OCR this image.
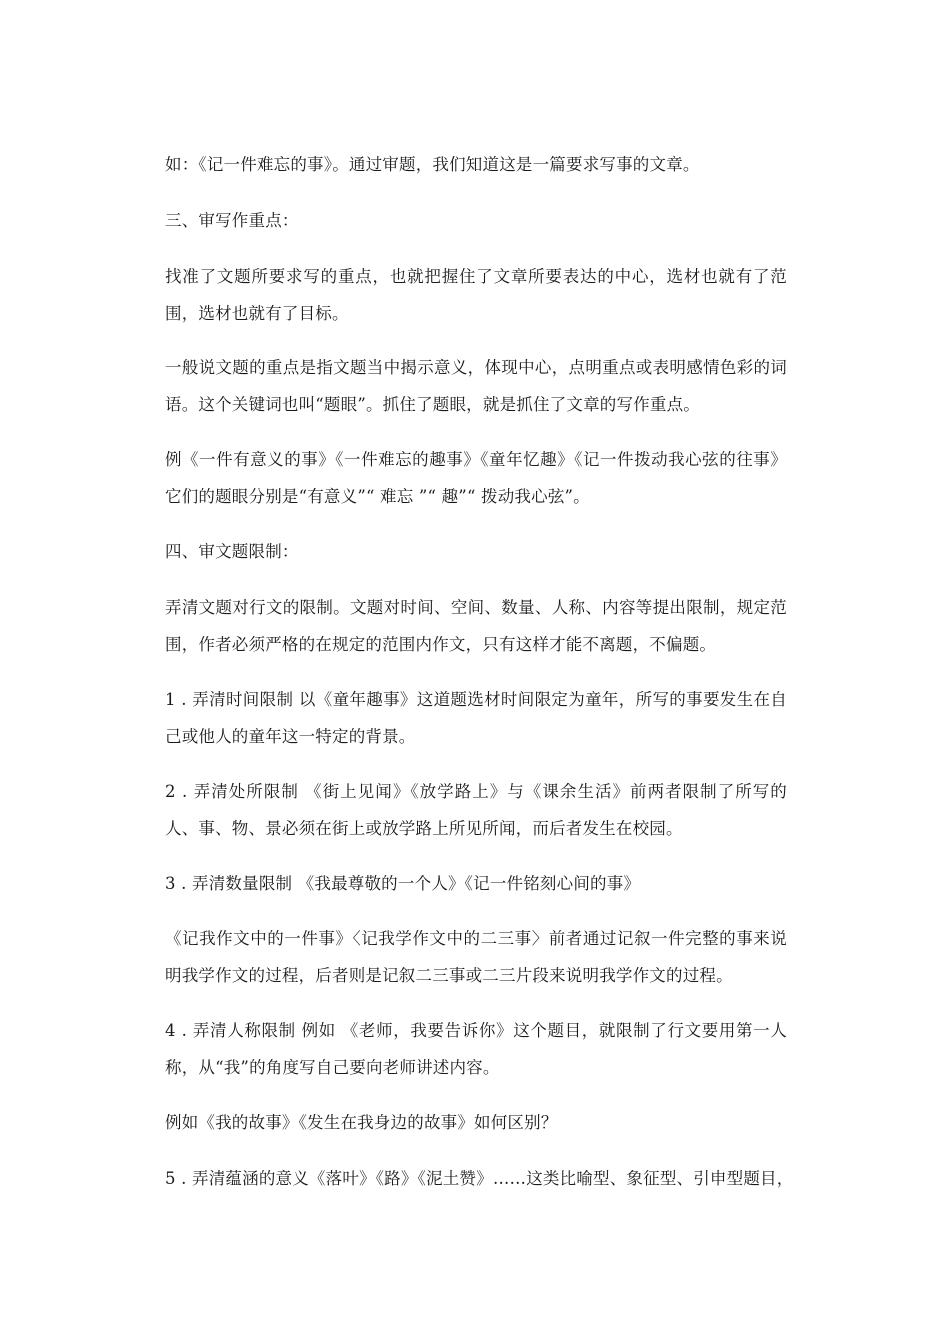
如：《记一件难忘的事》。通过审题，我们知道这是一篇要求写事的文章。

三、审写作重点：

找准了文题所要求写的重点，也就把握住了文章所要表达的中心，选材也就有了范围，选材也就有了目标。

一般说文题的重点是指文题当中揭示意义，体现中心，点明重点或表明感情色彩的词语。这个关键词也叫“题眼”。抓住了题眼，就是抓住了文章的写作重点。

例《一件有意义的事》《一件难忘的趣事》《童年忆趣》《记一件拨动我心弦的往事》它们的题眼分别是“有意义”“ 难忘 ”“ 趣”“ 拨动我心弦”。

四、审文题限制：

弄清文题对行文的限制。文题对时间、空间、数量、人称、内容等提出限制，规定范围，作者必须严格的在规定的范围内作文，只有这样才能不离题，不偏题。

1 . 弄清时间限制 以《童年趣事》这道题选材时间限定为童年，所写的事要发生在自己或他人的童年这一特定的背景。

2 . 弄清处所限制 《街上见闻》《放学路上》与《课余生活》前两者限制了所写的人、事、物、景必须在街上或放学路上所见所闻，而后者发生在校园。

3 . 弄清数量限制 《我最尊敬的一个人》《记一件铭刻心间的事》

《记我作文中的一件事》〈记我学作文中的二三事〉前者通过记叙一件完整的事来说明我学作文的过程，后者则是记叙二三事或二三片段来说明我学作文的过程。

4 . 弄清人称限制 例如 《老师，我要告诉你》这个题目，就限制了行文要用第一人称，从“我”的角度写自己要向老师讲述内容。

例如《我的故事》《发生在我身边的故事》如何区别？

5 . 弄清蕴涵的意义《落叶》《路》《泥土赞》……这类比喻型、象征型、引申型题目，
